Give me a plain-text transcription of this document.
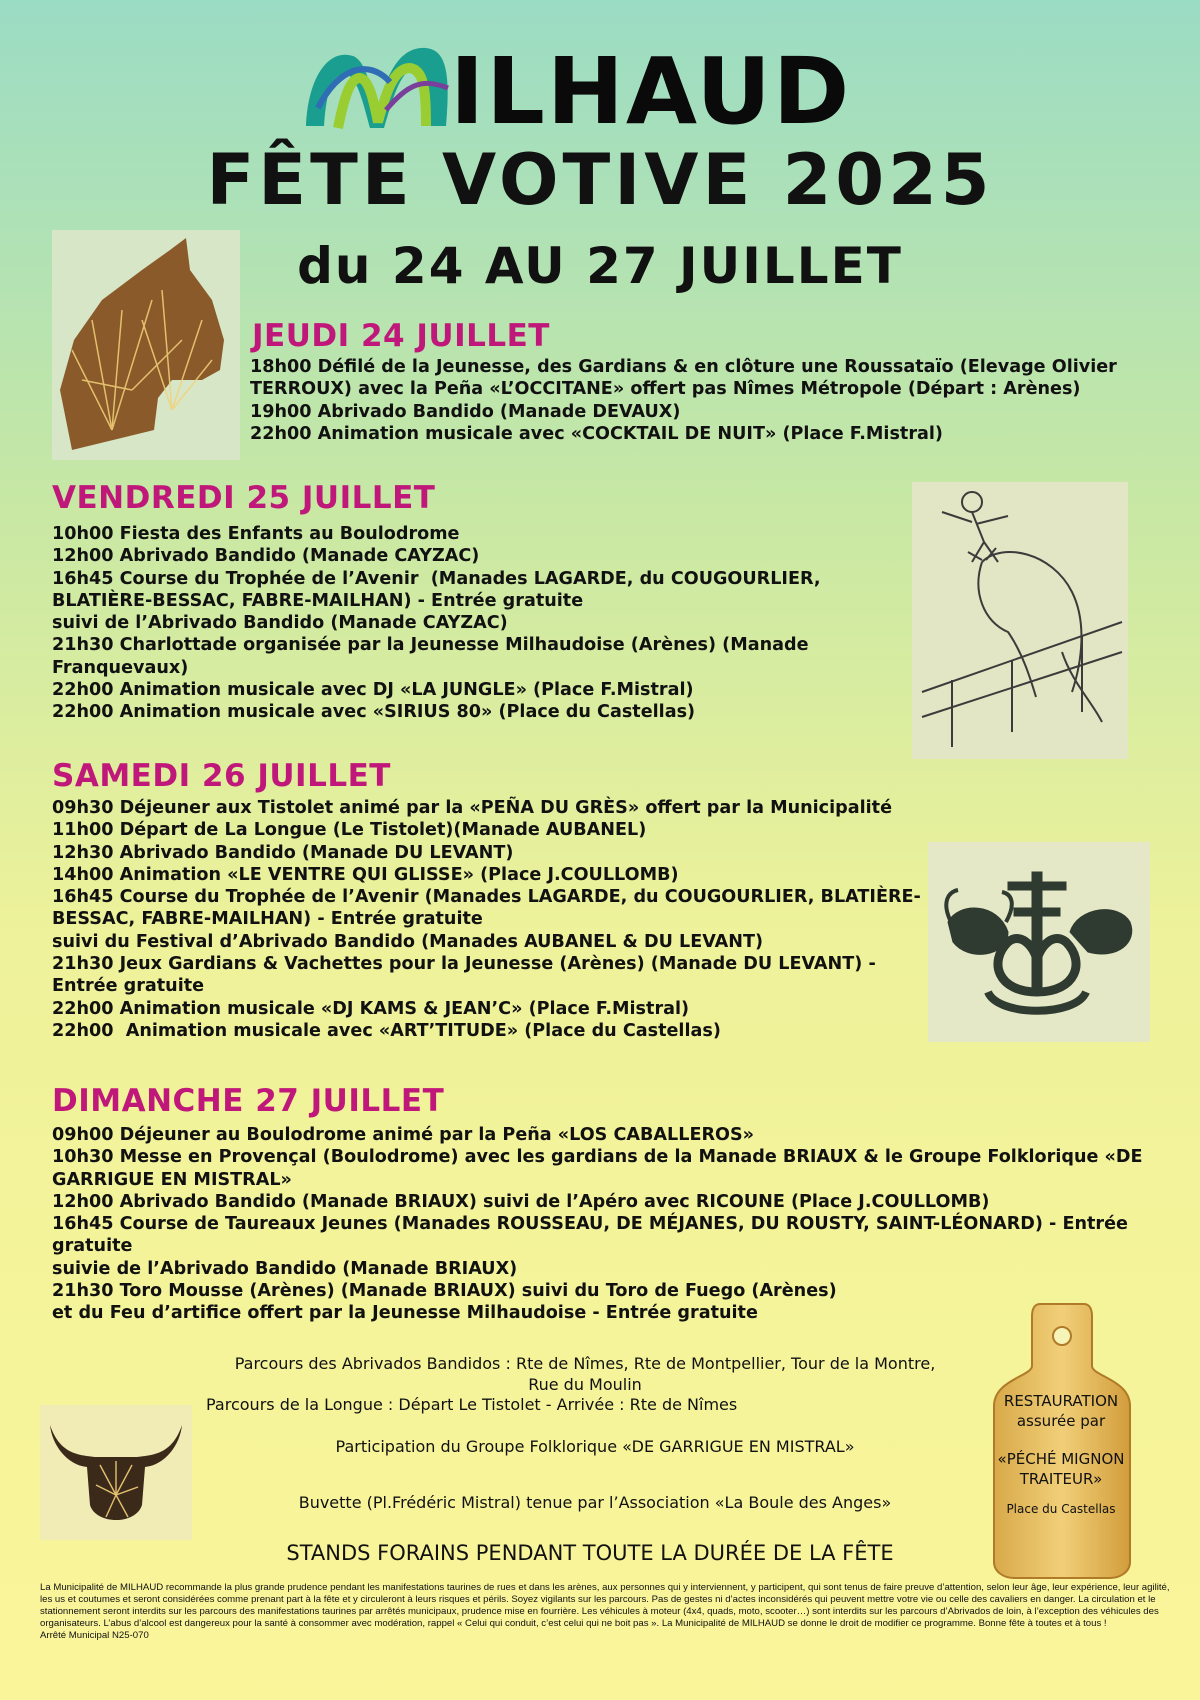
ILHAUD
FÊTE VOTIVE 2025
du 24 AU 27 JUILLET
JEUDI 24 JUILLET
18h00 Défilé de la Jeunesse, des Gardians & en clôture une Roussataïo (Elevage Olivier TERROUX) avec la Peña «L’OCCITANE» offert pas Nîmes Métropole (Départ : Arènes)
19h00 Abrivado Bandido (Manade DEVAUX)
22h00 Animation musicale avec «COCKTAIL DE NUIT» (Place F.Mistral)
VENDREDI 25 JUILLET
10h00 Fiesta des Enfants au Boulodrome
12h00 Abrivado Bandido (Manade CAYZAC)
16h45 Course du Trophée de l’Avenir  (Manades LAGARDE, du COUGOURLIER, BLATIÈRE-BESSAC, FABRE-MAILHAN) - Entrée gratuite
suivi de l’Abrivado Bandido (Manade CAYZAC)
21h30 Charlottade organisée par la Jeunesse Milhaudoise (Arènes) (Manade Franquevaux)
22h00 Animation musicale avec DJ «LA JUNGLE» (Place F.Mistral)
22h00 Animation musicale avec «SIRIUS 80» (Place du Castellas)
SAMEDI 26 JUILLET
09h30 Déjeuner aux Tistolet animé par la «PEÑA DU GRÈS» offert par la Municipalité
11h00 Départ de La Longue (Le Tistolet)(Manade AUBANEL)
12h30 Abrivado Bandido (Manade DU LEVANT)
14h00 Animation «LE VENTRE QUI GLISSE» (Place J.COULLOMB)
16h45 Course du Trophée de l’Avenir (Manades LAGARDE, du COUGOURLIER, BLATIÈRE-BESSAC, FABRE-MAILHAN) - Entrée gratuite
suivi du Festival d’Abrivado Bandido (Manades AUBANEL & DU LEVANT)
21h30 Jeux Gardians & Vachettes pour la Jeunesse (Arènes) (Manade DU LEVANT) - Entrée gratuite
22h00 Animation musicale «DJ KAMS & JEAN’C» (Place F.Mistral)
22h00  Animation musicale avec «ART’TITUDE» (Place du Castellas)
DIMANCHE 27 JUILLET
09h00 Déjeuner au Boulodrome animé par la Peña «LOS CABALLEROS»
10h30 Messe en Provençal (Boulodrome) avec les gardians de la Manade BRIAUX & le Groupe Folklorique «DE GARRIGUE EN MISTRAL»
12h00 Abrivado Bandido (Manade BRIAUX) suivi de l’Apéro avec RICOUNE (Place J.COULLOMB)
16h45 Course de Taureaux Jeunes (Manades ROUSSEAU, DE MÉJANES, DU ROUSTY, SAINT-LÉONARD) - Entrée gratuite
suivie de l’Abrivado Bandido (Manade BRIAUX)
21h30 Toro Mousse (Arènes) (Manade BRIAUX) suivi du Toro de Fuego (Arènes)
et du Feu d’artifice offert par la Jeunesse Milhaudoise - Entrée gratuite
Parcours des Abrivados Bandidos : Rte de Nîmes, Rte de Montpellier, Tour de la Montre,
Rue du Moulin
Parcours de la Longue : Départ Le Tistolet - Arrivée : Rte de Nîmes
Participation du Groupe Folklorique «DE GARRIGUE EN MISTRAL»
Buvette (Pl.Frédéric Mistral) tenue par l’Association «La Boule des Anges»
STANDS FORAINS PENDANT TOUTE LA DURÉE DE LA FÊTE
RESTAURATION
assurée par
«PÉCHÉ MIGNON
TRAITEUR»
Place du Castellas
La Municipalité de MILHAUD recommande la plus grande prudence pendant les manifestations taurines de rues et dans les arènes, aux personnes qui y interviennent, y participent, qui sont tenus de faire preuve d’attention, selon leur âge, leur expérience, leur agilité, les us et coutumes et seront considérées comme prenant part à la fête et y circuleront à leurs risques et périls. Soyez vigilants sur les parcours. Pas de gestes ni d’actes inconsidérés qui peuvent mettre votre vie ou celle des cavaliers en danger. La circulation et le stationnement seront interdits sur les parcours des manifestations taurines par arrêtés municipaux, prudence mise en fourrière. Les véhicules à moteur (4x4, quads, moto, scooter…) sont interdits sur les parcours d’Abrivados de loin, à l’exception des véhicules des organisateurs. L’abus d’alcool est dangereux pour la santé à consommer avec modération, rappel « Celui qui conduit, c’est celui qui ne boit pas ». La Municipalité de MILHAUD se donne le droit de modifier ce programme. Bonne fête à toutes et à tous !
Arrêté Municipal N25-070
